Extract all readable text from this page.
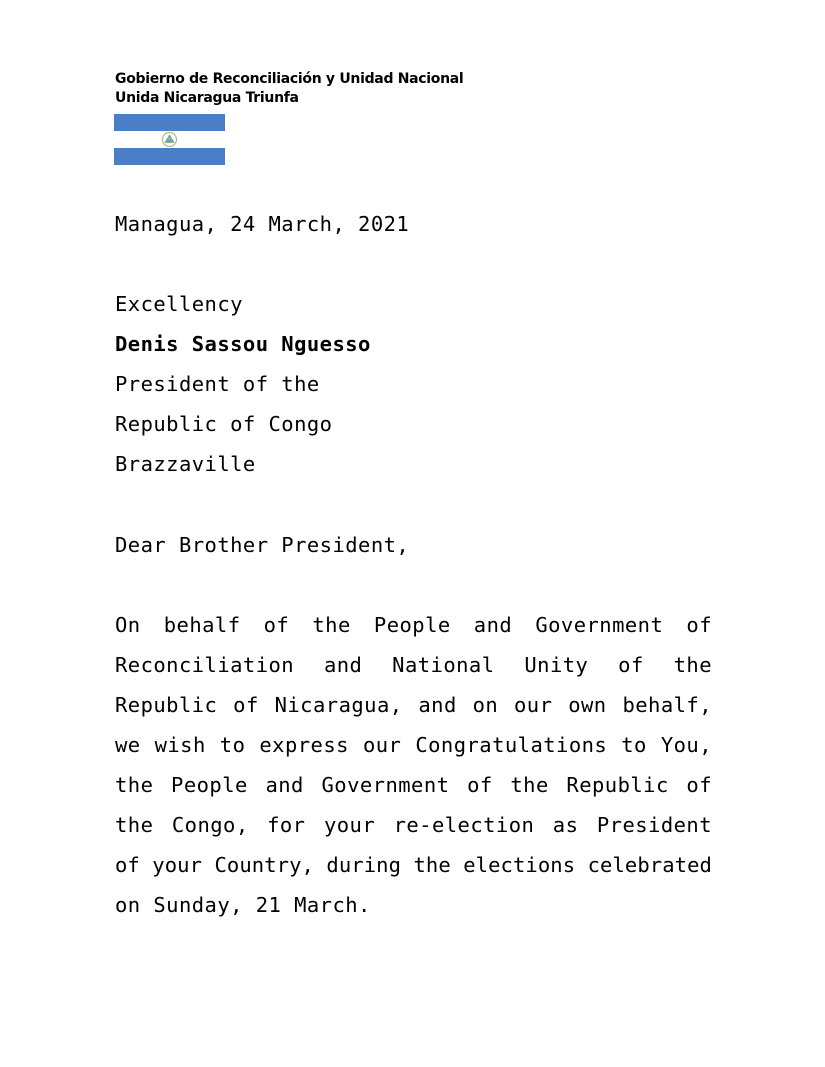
Gobierno de Reconciliación y Unidad Nacional
Unida Nicaragua Triunfa
Managua, 24 March, 2021
Excellency
Denis Sassou Nguesso
President of the
Republic of Congo
Brazzaville
Dear Brother President,
On behalf of the People and Government of
Reconciliation and National Unity of the
Republic of Nicaragua, and on our own behalf,
we wish to express our Congratulations to You,
the People and Government of the Republic of
the Congo, for your re-election as President
of your Country, during the elections celebrated
on Sunday, 21 March.
